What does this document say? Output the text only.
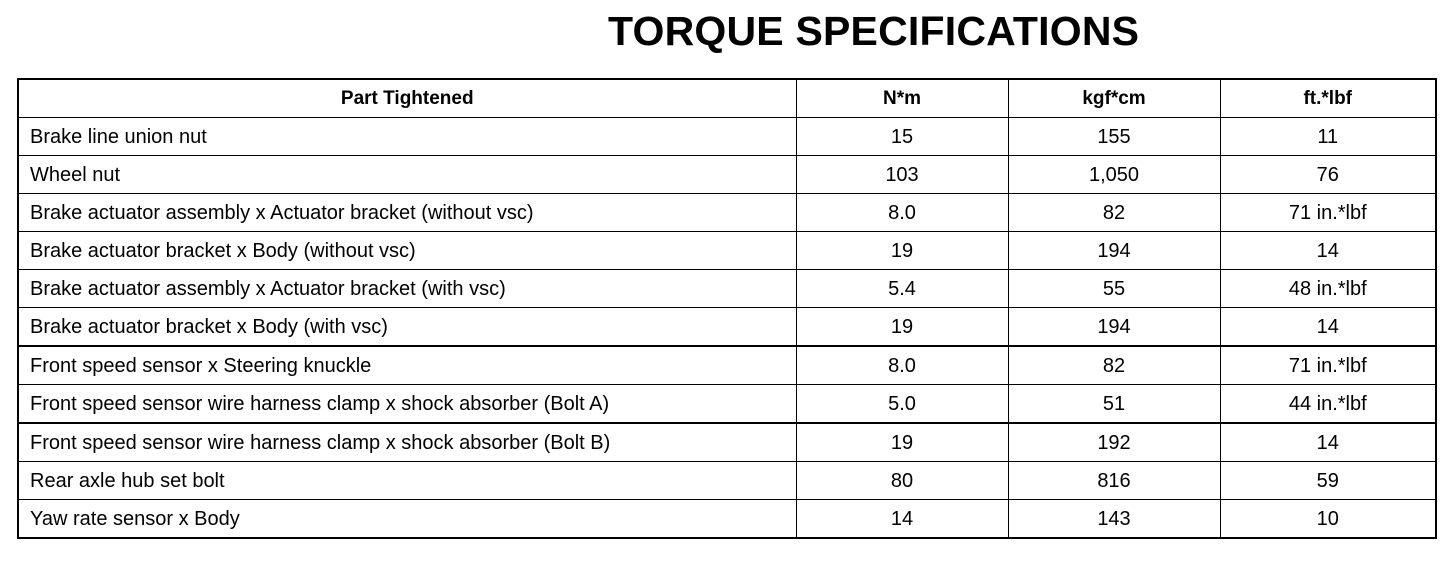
TORQUE SPECIFICATIONS
Part Tightened	N*m	kgf*cm	ft.*lbf
Brake line union nut	15	155	11
Wheel nut	103	1,050	76
Brake actuator assembly x Actuator bracket (without vsc)	8.0	82	71 in.*lbf
Brake actuator bracket x Body (without vsc)	19	194	14
Brake actuator assembly x Actuator bracket (with vsc)	5.4	55	48 in.*lbf
Brake actuator bracket x Body (with vsc)	19	194	14
Front speed sensor x Steering knuckle	8.0	82	71 in.*lbf
Front speed sensor wire harness clamp x shock absorber (Bolt A)	5.0	51	44 in.*lbf
Front speed sensor wire harness clamp x shock absorber (Bolt B)	19	192	14
Rear axle hub set bolt	80	816	59
Yaw rate sensor x Body	14	143	10
